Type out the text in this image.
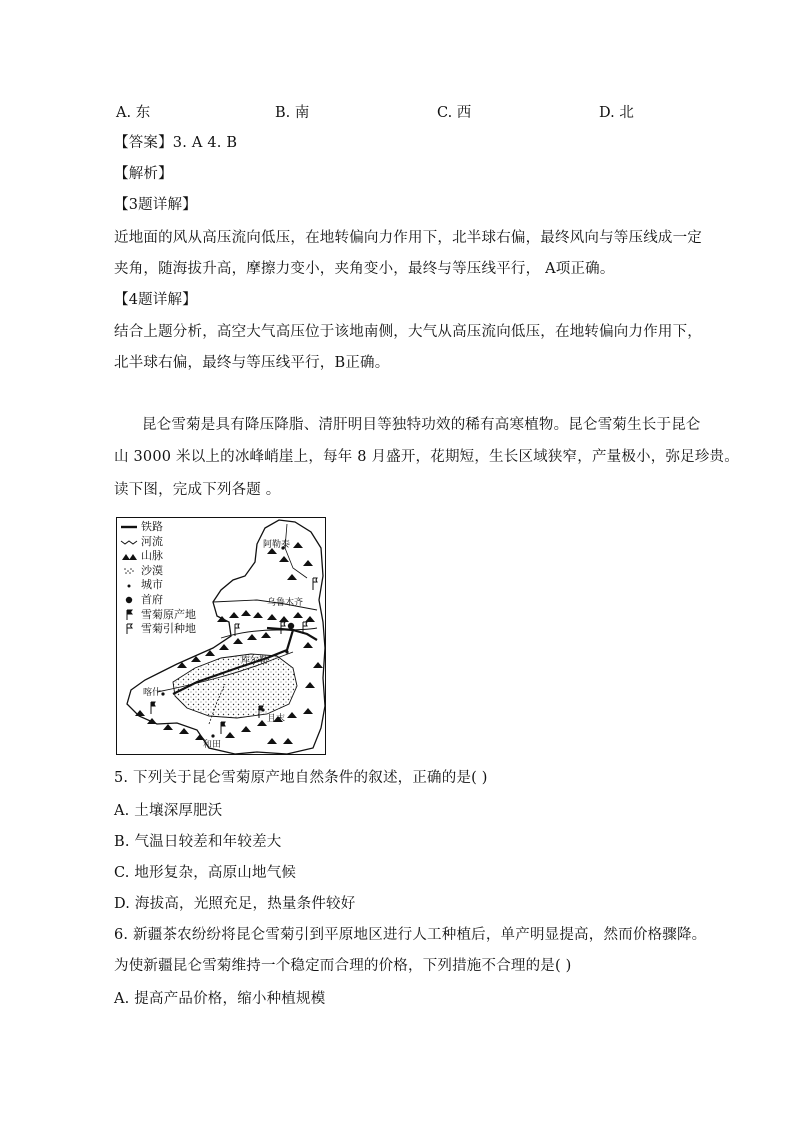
A. 东	B. 南	C. 西	D. 北
【答案】3. A 4. B
【解析】
【3题详解】
近地面的风从高压流向低压，在地转偏向力作用下，北半球右偏，最终风向与等压线成一定
夹角，随海拔升高，摩擦力变小，夹角变小，最终与等压线平行， A项正确。
【4题详解】
结合上题分析，高空大气高压位于该地南侧，大气从高压流向低压，在地转偏向力作用下，
北半球右偏，最终与等压线平行，B正确。
昆仑雪菊是具有降压降脂、清肝明目等独特功效的稀有高寒植物。昆仑雪菊生长于昆仑
山 3000 米以上的冰峰峭崖上，每年 8 月盛开，花期短，生长区域狭窄，产量极小，弥足珍贵。
读下图，完成下列各题 。
铁路
河流
山脉
沙漠
城市
首府
雪菊原产地
雪菊引种地
阿勒泰
乌鲁木齐
库尔勒
喀什
且末
和田
5. 下列关于昆仑雪菊原产地自然条件的叙述，正确的是( )
A. 土壤深厚肥沃
B. 气温日较差和年较差大
C. 地形复杂，高原山地气候
D. 海拔高，光照充足，热量条件较好
6. 新疆茶农纷纷将昆仑雪菊引到平原地区进行人工种植后，单产明显提高，然而价格骤降。
为使新疆昆仑雪菊维持一个稳定而合理的价格，下列措施不合理的是( )
A. 提高产品价格，缩小种植规模
